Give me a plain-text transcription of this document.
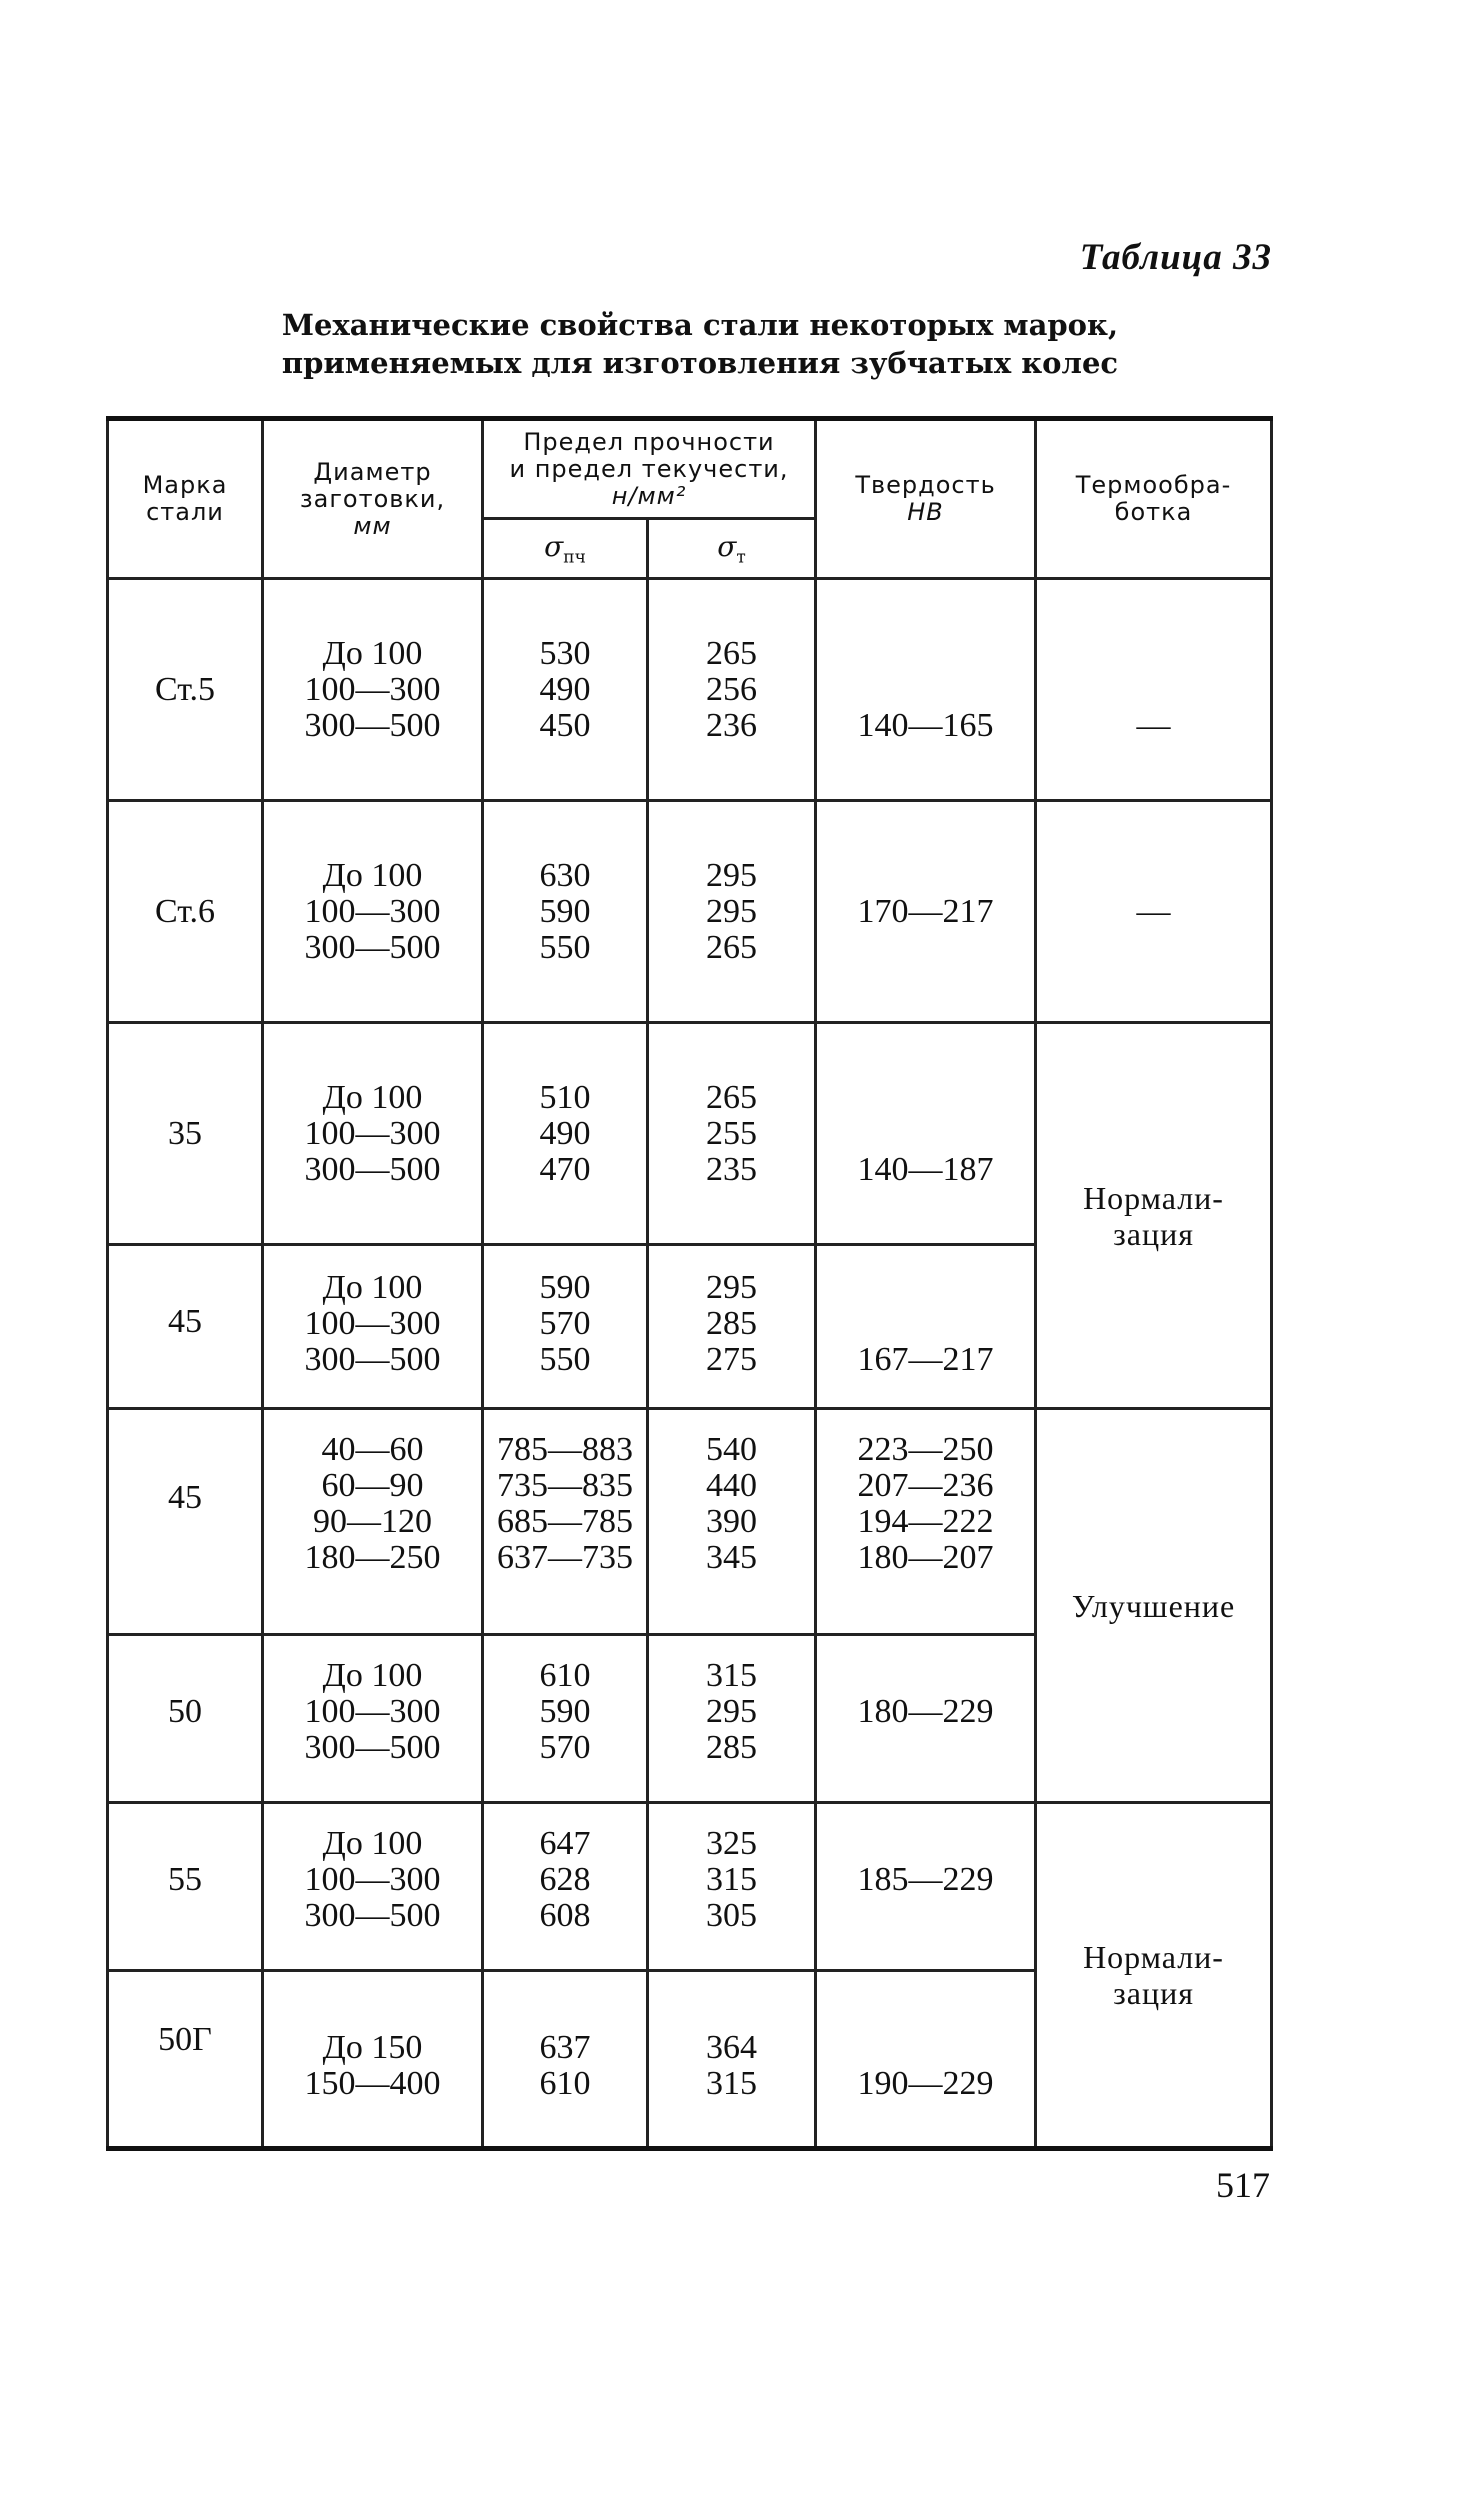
Таблица 33
Механические свойства стали некоторых марок,
применяемых для изготовления зубчатых колес
Марка
стали	Диаметр
заготовки,
мм	Предел прочности
и предел текучести,
н/мм²		Твердость
НВ	Термообра-
ботка

		$\sigma_{пч}$	$\sigma_т$
Ст.5	До 100
100—300
300—500	530
490
450	265
256
236	140—165	—
Ст.6	До 100
100—300
300—500	630
590
550	295
295
265	170—217	—
35	До 100
100—300
300—500	510
490
470	265
255
235	140—187	Нормали-
зация

45	До 100
100—300
300—500	590
570
550	295
285
275	167—217	
45	40—60
60—90
90—120
180—250	785—883
735—835
685—785
637—735	540
440
390
345	223—250
207—236
194—222
180—207	Улучшение
50	До 100
100—300
300—500	610
590
570	315
295
285	180—229	
55	До 100
100—300
300—500	647
628
608	325
315
305	185—229	Нормали-
зация

50Г	До 150
150—400	637
610	364
315	190—229	
517
